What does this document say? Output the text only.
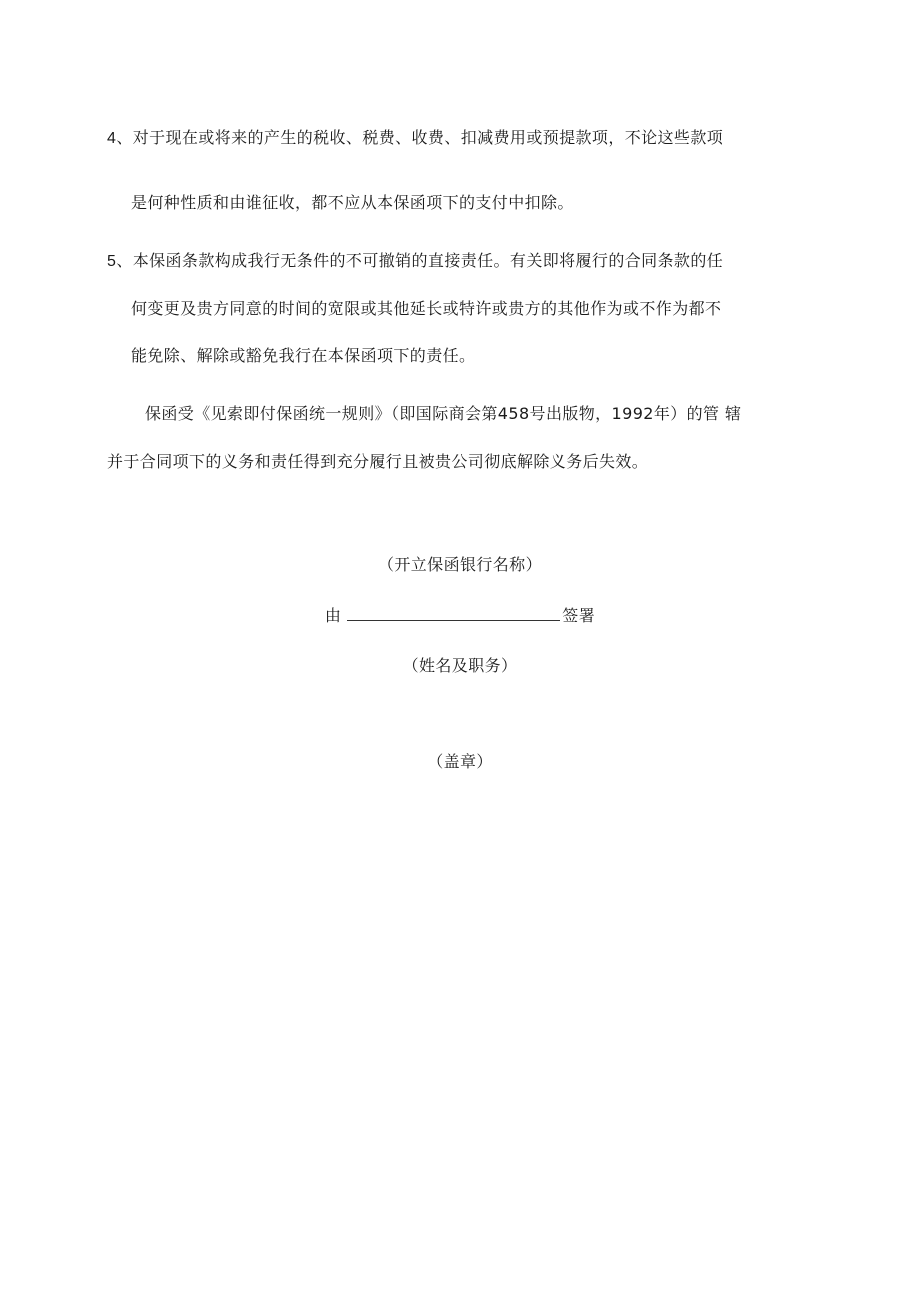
4、对于现在或将来的产生的税收、税费、收费、扣减费用或预提款项，不论这些款项
是何种性质和由谁征收，都不应从本保函项下的支付中扣除。
5、本保函条款构成我行无条件的不可撤销的直接责任。有关即将履行的合同条款的任
何变更及贵方同意的时间的宽限或其他延长或特许或贵方的其他作为或不作为都不
能免除、解除或豁免我行在本保函项下的责任。
保函受《见索即付保函统一规则》（即国际商会第458号出版物，1992年）的管 辖
并于合同项下的义务和责任得到充分履行且被贵公司彻底解除义务后失效。
（开立保函银行名称）
由	签署
（姓名及职务）
（盖章）
